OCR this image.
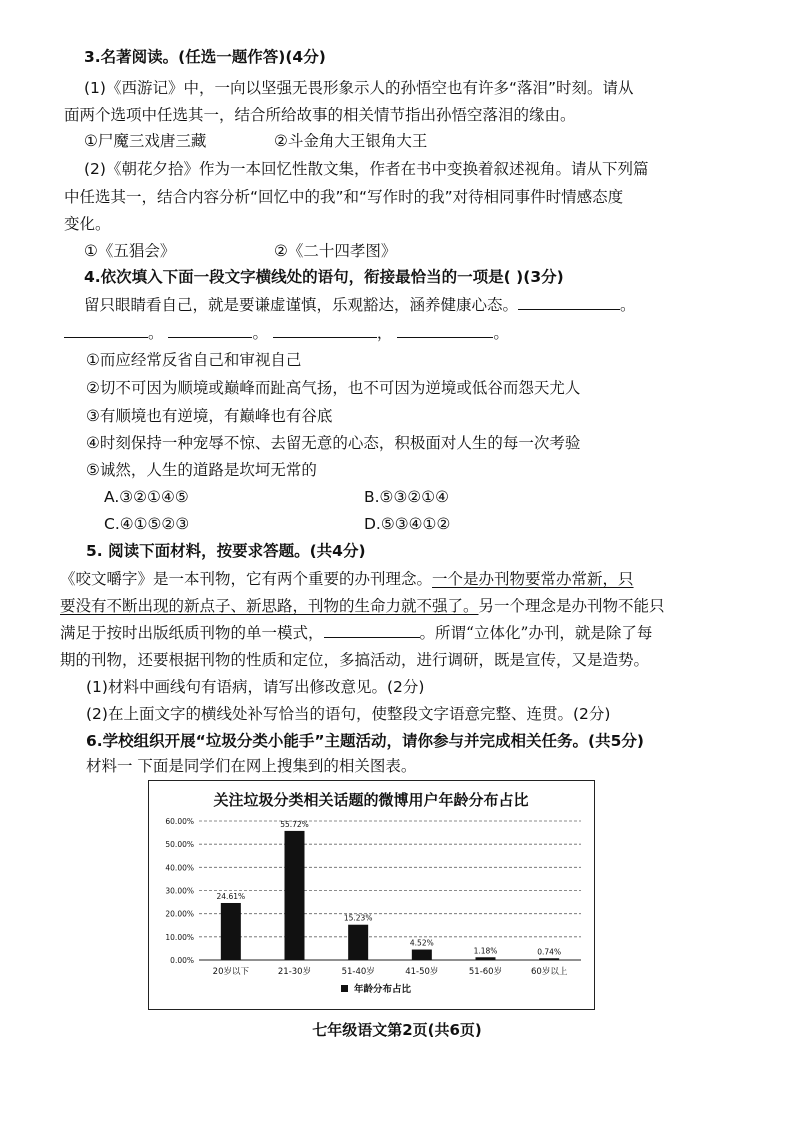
3.名著阅读。(任选一题作答)(4分)
(1)《西游记》中，一向以坚强无畏形象示人的孙悟空也有许多“落泪”时刻。请从
面两个选项中任选其一，结合所给故事的相关情节指出孙悟空落泪的缘由。
①尸魔三戏唐三藏	②斗金角大王银角大王
(2)《朝花夕拾》作为一本回忆性散文集，作者在书中变换着叙述视角。请从下列篇
中任选其一，结合内容分析“回忆中的我”和“写作时的我”对待相同事件时情感态度
变化。
①《五猖会》	②《二十四孝图》
4.依次填入下面一段文字横线处的语句，衔接最恰当的一项是( )(3分)
留只眼睛看自己，就是要谦虚谨慎，乐观豁达，涵养健康心态。	。
。	。	，	。
①而应经常反省自己和审视自己
②切不可因为顺境或巅峰而趾高气扬，也不可因为逆境或低谷而怨天尤人
③有顺境也有逆境，有巅峰也有谷底
④时刻保持一种宠辱不惊、去留无意的心态，积极面对人生的每一次考验
⑤诚然，人生的道路是坎坷无常的
A.③②①④⑤	B.⑤③②①④
C.④①⑤②③	D.⑤③④①②
5. 阅读下面材料，按要求答题。(共4分)
《咬文嚼字》是一本刊物，它有两个重要的办刊理念。一个是办刊物要常办常新，只
要没有不断出现的新点子、新思路，刊物的生命力就不强了。另一个理念是办刊物不能只
满足于按时出版纸质刊物的单一模式，	。所谓“立体化”办刊，就是除了每
期的刊物，还要根据刊物的性质和定位，多搞活动，进行调研，既是宣传，又是造势。
(1)材料中画线句有语病，请写出修改意见。(2分)
(2)在上面文字的横线处补写恰当的语句，使整段文字语意完整、连贯。(2分)
6.学校组织开展“垃圾分类小能手”主题活动，请你参与并完成相关任务。(共5分)
材料一 下面是同学们在网上搜集到的相关图表。
关注垃圾分类相关话题的微博用户年龄分布占比
0.00%
10.00%
20.00%
30.00%
40.00%
50.00%
60.00%
24.61%
20岁以下
55.72%
21-30岁
15.23%
51-40岁
4.52%
41-50岁
1.18%
51-60岁
0.74%
60岁以上
年龄分布占比
七年级语文第2页(共6页)
